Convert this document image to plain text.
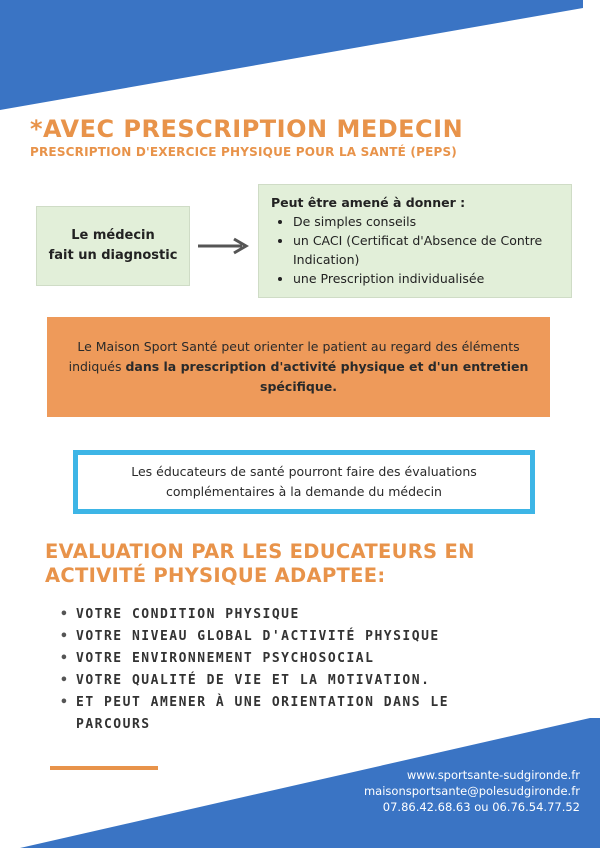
*AVEC PRESCRIPTION MEDECIN
PRESCRIPTION D'EXERCICE PHYSIQUE POUR LA SANTÉ (PEPS)
Le médecin
fait un diagnostic
Peut être amené à donner :
• De simples conseils
• un CACI (Certificat d'Absence de Contre Indication)
• une Prescription individualisée
Le Maison Sport Santé peut orienter le patient au regard des éléments indiqués dans la prescription d'activité physique et d'un entretien spécifique.
Les éducateurs de santé pourront faire des évaluations
complémentaires à la demande du médecin
EVALUATION PAR LES EDUCATEURS EN
ACTIVITÉ PHYSIQUE ADAPTEE:
• VOTRE CONDITION PHYSIQUE
• VOTRE NIVEAU GLOBAL D'ACTIVITÉ PHYSIQUE
• VOTRE ENVIRONNEMENT PSYCHOSOCIAL
• VOTRE QUALITÉ DE VIE ET LA MOTIVATION.
• ET PEUT AMENER À UNE ORIENTATION DANS LE
PARCOURS
www.sportsante-sudgironde.fr
maisonsportsante@polesudgironde.fr
07.86.42.68.63 ou 06.76.54.77.52
